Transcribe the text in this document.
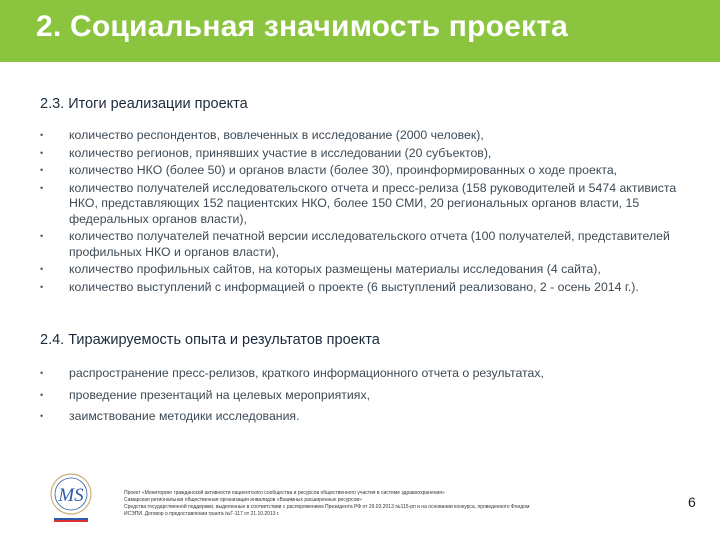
2. Социальная значимость проекта
2.3. Итоги реализации проекта
• количество респондентов, вовлеченных в исследование (2000 человек),
• количество регионов, принявших участие в исследовании (20 субъектов),
• количество НКО (более 50) и органов власти (более 30), проинформированных о ходе проекта,
• количество получателей исследовательского отчета и пресс-релиза (158 руководителей и 5474 активиста НКО, представляющих 152 пациентских НКО, более 150 СМИ, 20 региональных органов власти, 15 федеральных органов власти),
• количество получателей печатной версии исследовательского отчета (100 получателей, представителей профильных НКО и органов власти),
• количество профильных сайтов, на которых размещены материалы исследования (4 сайта),
• количество выступлений с информацией о проекте (6 выступлений реализовано, 2 - осень 2014 г.).
2.4. Тиражируемость опыта и результатов проекта
• распространение пресс-релизов, краткого информационного отчета о результатах,
• проведение презентаций на целевых мероприятиях,
• заимствование методики исследования.
MS	Проект «Мониторинг гражданской активности пациентского сообщества и ресурсов общественного участия в системе здравоохранения»
Самарская региональная общественная организация инвалидов «Взаимных расширенных ресурсов»
Средства государственной поддержки, выделенные в соответствии с распоряжением Президента РФ от 29.03.2013 №115-рп и на основании конкурса, проведенного Фондом
ИСЭПИ. Договор о предоставлении гранта №Г-117 от 21.10.2013 г.
6
